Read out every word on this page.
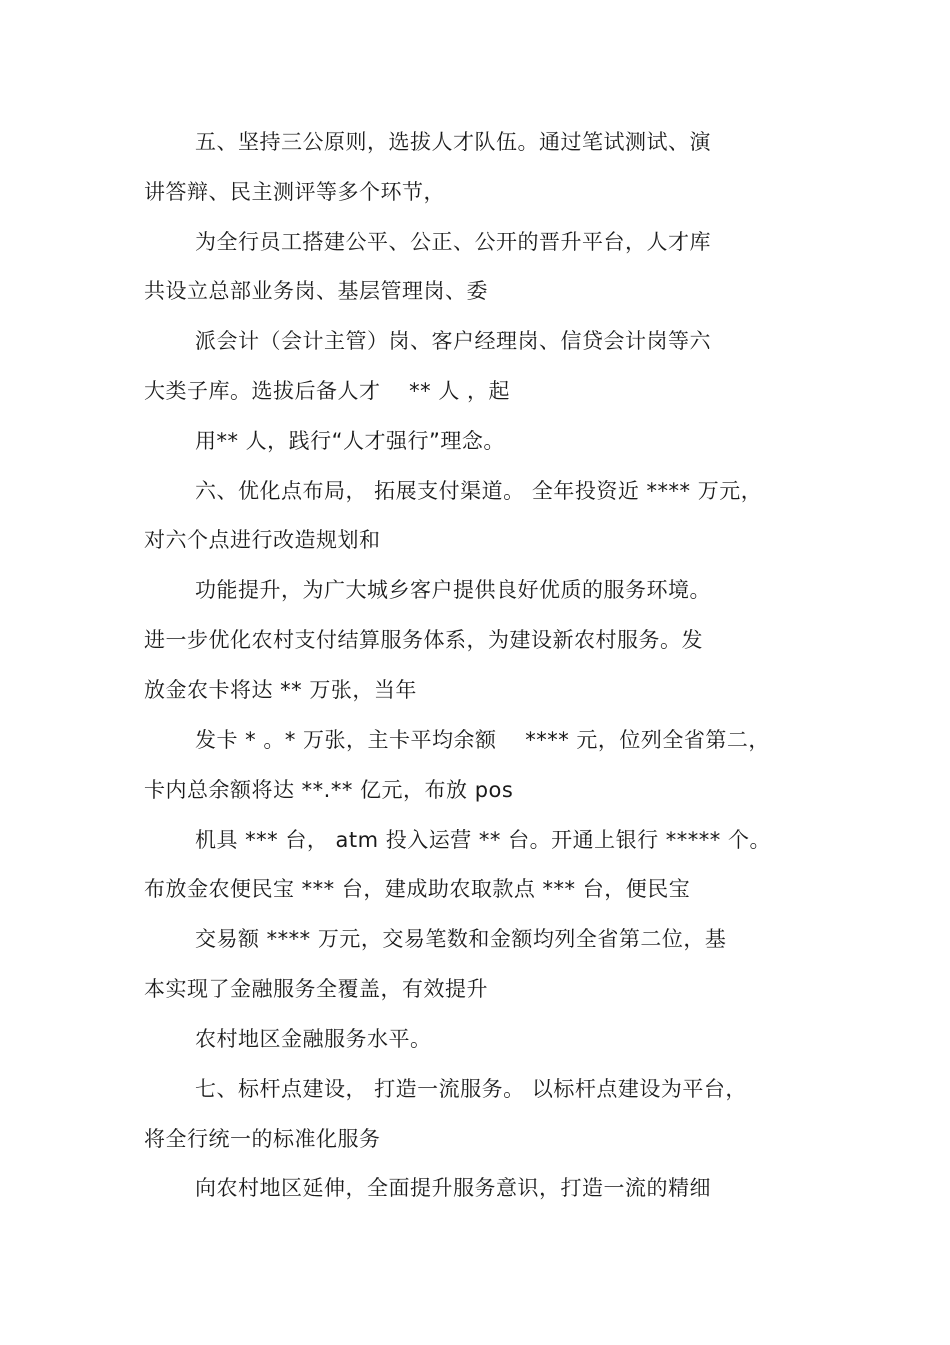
五、坚持三公原则，选拔人才队伍。通过笔试测试、演
讲答辩、民主测评等多个环节，
为全行员工搭建公平、公正、公开的晋升平台，人才库
共设立总部业务岗、基层管理岗、委
派会计（会计主管）岗、客户经理岗、信贷会计岗等六
大类子库。选拔后备人才　 ** 人 ，起
用** 人，践行“人才强行”理念。
六、优化点布局， 拓展支付渠道。 全年投资近 **** 万元，
对六个点进行改造规划和
功能提升，为广大城乡客户提供良好优质的服务环境。
进一步优化农村支付结算服务体系，为建设新农村服务。发
放金农卡将达 ** 万张，当年
发卡 * 。* 万张，主卡平均余额 　**** 元，位列全省第二，
卡内总余额将达 **.** 亿元，布放 pos
机具 *** 台， atm 投入运营 ** 台。开通上银行 ***** 个。
布放金农便民宝 *** 台，建成助农取款点 *** 台，便民宝
交易额 **** 万元，交易笔数和金额均列全省第二位，基
本实现了金融服务全覆盖，有效提升
农村地区金融服务水平。
七、标杆点建设， 打造一流服务。 以标杆点建设为平台，
将全行统一的标准化服务
向农村地区延伸，全面提升服务意识，打造一流的精细
